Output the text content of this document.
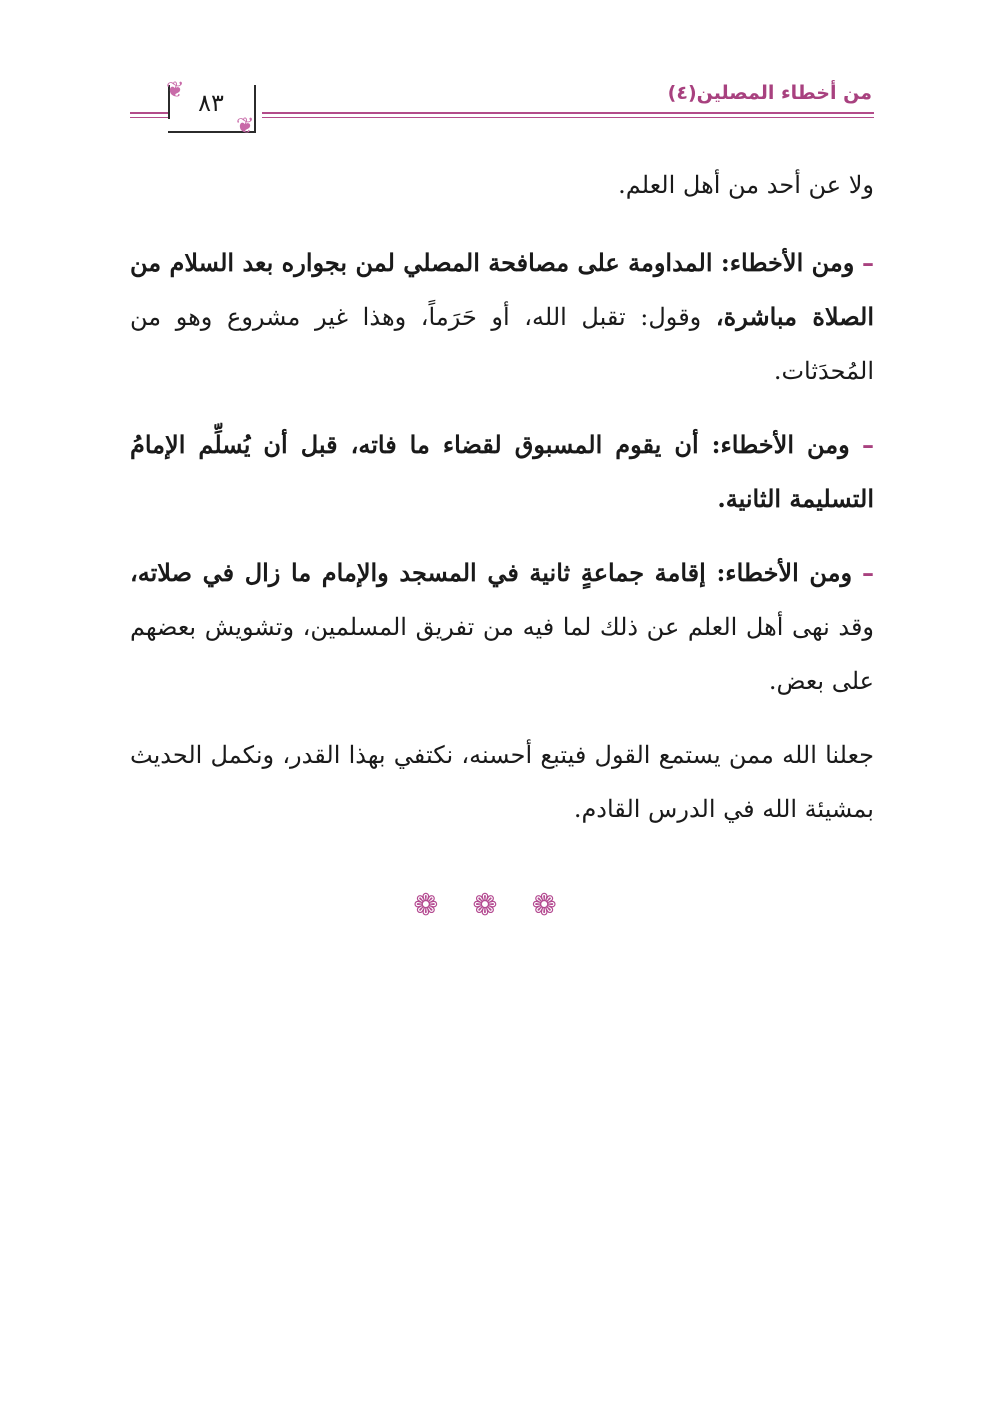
من أخطاء المصلين(٤)
٨٣
❦
❦

ولا عن أحد من أهل العلم.

– ومن الأخطاء: المداومة على مصافحة المصلي لمن بجواره بعد السلام من الصلاة مباشرة، وقول: تقبل الله، أو حَرَماً، وهذا غير مشروع وهو من المُحدَثات.

– ومن الأخطاء: أن يقوم المسبوق لقضاء ما فاته، قبل أن يُسلِّم الإمامُ التسليمة الثانية.

– ومن الأخطاء: إقامة جماعةٍ ثانية في المسجد والإمام ما زال في صلاته، وقد نهى أهل العلم عن ذلك لما فيه من تفريق المسلمين، وتشويش بعضهم على بعض.

جعلنا الله ممن يستمع القول فيتبع أحسنه، نكتفي بهذا القدر، ونكمل الحديث بمشيئة الله في الدرس القادم.

❁❁❁
